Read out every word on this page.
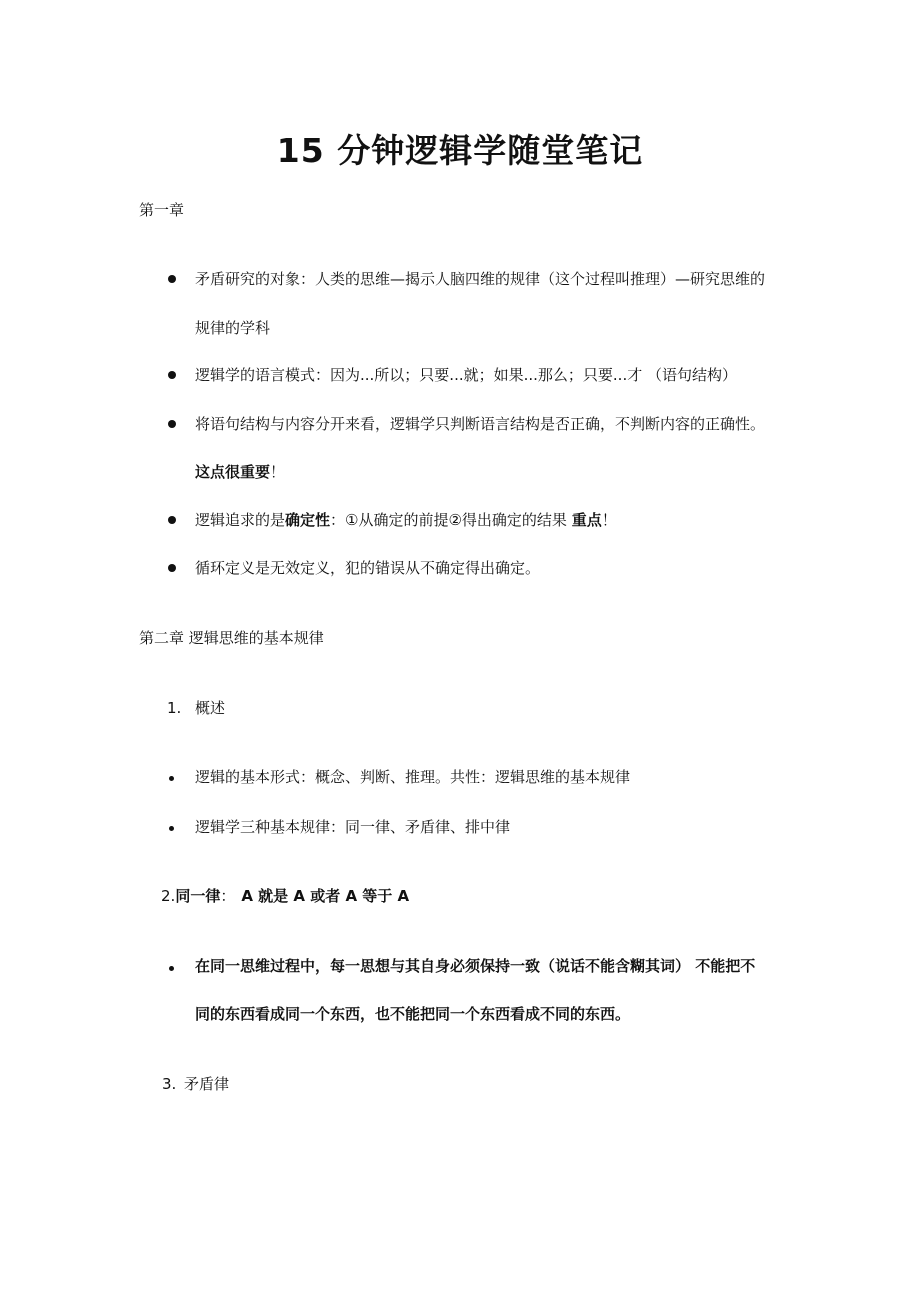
15 分钟逻辑学随堂笔记
第一章
矛盾研究的对象：人类的思维—揭示人脑四维的规律（这个过程叫推理）—研究思维的
规律的学科
逻辑学的语言模式：因为...所以；只要...就；如果...那么；只要...才 （语句结构）
将语句结构与内容分开来看，逻辑学只判断语言结构是否正确，不判断内容的正确性。
这点很重要！
逻辑追求的是确定性：①从确定的前提②得出确定的结果 重点！
循环定义是无效定义，犯的错误从不确定得出确定。
第二章 逻辑思维的基本规律
1. 概述
逻辑的基本形式：概念、判断、推理。共性：逻辑思维的基本规律
逻辑学三种基本规律：同一律、矛盾律、排中律
2.同一律： A 就是 A 或者 A 等于 A
在同一思维过程中，每一思想与其自身必须保持一致（说话不能含糊其词） 不能把不
同的东西看成同一个东西，也不能把同一个东西看成不同的东西。
3. 矛盾律
